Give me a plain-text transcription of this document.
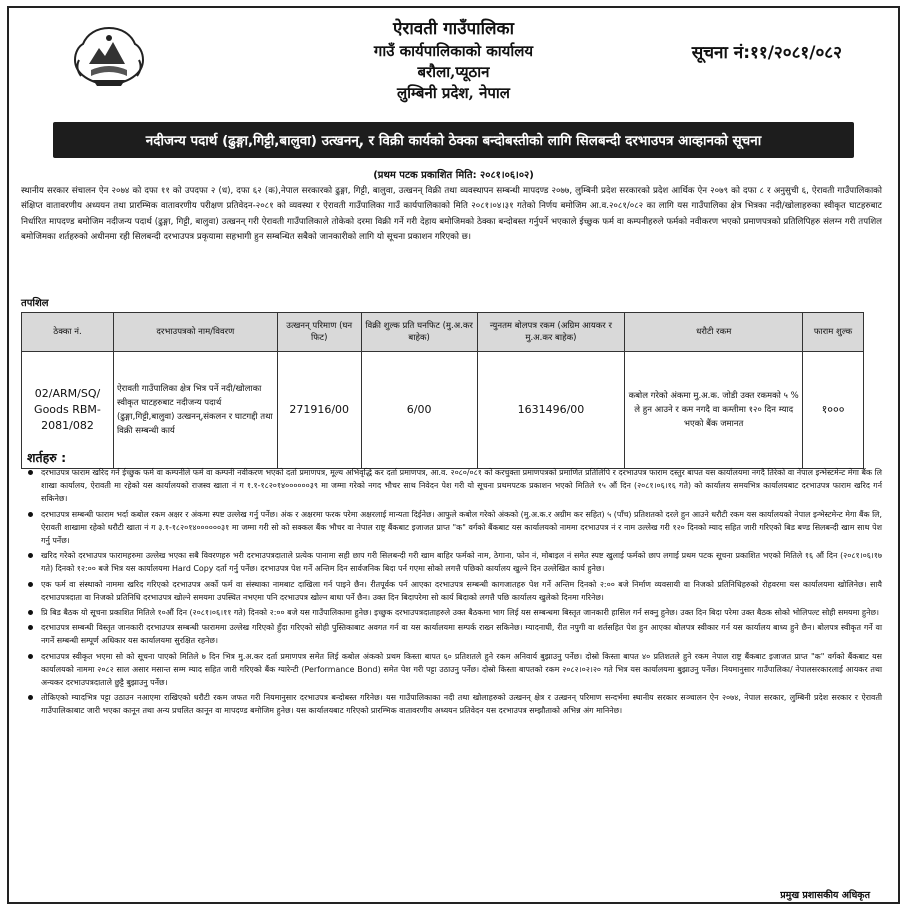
ऐरावती गाउँपालिका
गाउँ कार्यपालिकाको कार्यालय
बरौला,प्यूठान
लुम्बिनी प्रदेश, नेपाल
सूचना नं:११/२०८१/०८२
नदीजन्य पदार्थ (ढुङ्गा,गिट्टी,बालुवा) उत्खनन्, र विक्री कार्यको ठेक्का बन्दोबस्तीको लागि सिलबन्दी दरभाउपत्र आव्हानको सूचना
(प्रथम पटक प्रकाशित मिति: २०८१।०६।०२)
स्थानीय सरकार संचालन ऐन २०७४ को दफा ११ को उपदफा २ (ध), दफा ६२ (क),नेपाल सरकारको ढुङ्गा, गिट्टी, बालुवा, उत्खनन् विक्री तथा व्यवस्थापन सम्बन्धी मापदण्ड २०७७, लुम्बिनी प्रदेश सरकारको प्रदेश आर्थिक ऐन २०७९ को दफा ८ र अनुसुची ६, ऐरावती गाउँपालिकाको संक्षिप्त वातावरणीय अध्ययन तथा प्रारम्भिक वातावरणीय परीक्षण प्रतिवेदन-२०८१ को व्यवस्था र ऐरावती गाउँपालिका गाउँ कार्यपालिकाको मिति २०८१।०४।३१ गतेको निर्णय बमोजिम आ.व.२०८१/०८२ का लागि यस गाउँपालिका क्षेत्र भित्रका नदी/खोलाहरुका स्वीकृत घाटहरुबाट निर्धारित मापदण्ड बमोजिम नदीजन्य पदार्थ (ढुङ्गा, गिट्टी, बालुवा) उत्खनन् गरी ऐरावती गाउँपालिकाले तोकेको दरमा विक्री गर्ने गरी देहाय बमोजिमको ठेक्का बन्दोबस्त गर्नुपर्ने भएकाले ईच्छुक फर्म वा कम्पनीहरुले फर्मको नवीकरण भएको प्रमाणपत्रको प्रतिलिपिहरु संलग्न गरी तपशिल बमोजिमका शर्तहरुको अधीनमा रही सिलबन्दी दरभाउपत्र प्रकृयामा सहभागी हुन सम्बन्धित सबैको जानकारीको लागि यो सूचना प्रकाशन गरिएको छ।
तपशिल
ठेक्का नं.	दरभाउपत्रको नाम/विवरण	उत्खनन् परिमाण (घन फिट)	विक्री शुल्क प्रति घनफिट (मु.अ.कर बाहेक)	न्युनतम बोलपत्र रकम (अग्रिम आयकर र मु.अ.कर बाहेक)	धरौटी रकम	फाराम शुल्क
02/ARM/SQ/ Goods RBM- 2081/082	ऐरावती गाउँपालिका क्षेत्र भित्र पर्ने नदी/खोलाका स्वीकृत घाटहरुबाट नदीजन्य पदार्थ (ढुङ्गा,गिट्टी,बालुवा) उत्खनन्,संकलन र घाटगद्दी तथा विक्री सम्बन्धी कार्य	271916/00	6/00	1631496/00	कबोल गरेको अंकमा मु.अ.क. जोडी उक्त रकमको ५ % ले हुन आउने र कम नगदै वा कम्तीमा १२० दिन म्याद भएको बैंक जमानत	१०००
शर्तहरु :
दरभाउपत्र फाराम खरिद गर्न ईच्छुक फर्म वा कम्पनीले फर्म वा कम्पनी नवीकरण भएको दर्ता प्रमाणपत्र, मूल्य अभिवृद्धि कर दर्ता प्रमाणपत्र, आ.व. २०८०/०८१ को करचुक्ता प्रमाणपत्रको प्रमाणित प्रतिलिपि र दरभाउपत्र फाराम दस्तुर बापत यस कार्यालयमा नगदै तिरेको वा नेपाल इन्भेस्टमेन्ट मेगा बैंक लि शाखा कार्यालय, ऐरावती मा रहेको यस कार्यालयको राजस्व खाता नं ग १.१-१८२०१४००००००३९ मा जम्मा गरेको नगद भौचर साथ निवेदन पेश गरी यो सूचना प्रथमपटक प्रकाशन भएको मितिले १५ औं दिन (२०८१।०६।१६ गते) को कार्यालय समयभित्र कार्यालयबाट दरभाउपत्र फाराम खरिद गर्न सकिनेछ।
दरभाउपत्र सम्बन्धी फाराम भर्दा कबोल रकम अक्षर र अंकमा स्पष्ट उल्लेख गर्नु पर्नेछ। अंक र अक्षरमा फरक परेमा अक्षरलाई मान्यता दिईनेछ। आफुले कबोल गरेको अंकको (मु.अ.क.र अग्रीम कर सहित) ५ (पाँच) प्रतिशतको दरले हुन आउने धरौटी रकम यस कार्यालयको नेपाल इन्भेस्टमेन्ट मेगा बैंक लि, ऐरावती शाखामा रहेको धरौटी खाता नं ग ३.१-१८२०१४००००००३१ मा जम्मा गरी सो को सक्कल बैंक भौचर वा नेपाल राष्ट्र बैंकबाट इजाजत प्राप्त "क" वर्गको बैंकबाट यस कार्यालयको नाममा दरभाउपत्र नं र नाम उल्लेख गरी १२० दिनको म्याद सहित जारी गरिएको बिड बण्ड सिलबन्दी खाम साथ पेश गर्नु पर्नेछ।
खरिद गरेको दरभाउपत्र फारामहरुमा उल्लेख भएका सबै विवरणहरु भरी दरभाउपत्रदाताले प्रत्येक पानामा सही छाप गरी सिलबन्दी गरी खाम बाहिर फर्मको नाम, ठेगाना, फोन नं, मोबाइल नं समेत स्पष्ट खुलाई फर्मको छाप लगाई प्रथम पटक सूचना प्रकाशित भएको मितिले १६ औं दिन (२०८१।०६।१७ गते) दिनको १२:०० बजे भित्र यस कार्यालयमा Hard Copy दर्ता गर्नु पर्नेछ। दरभाउपत्र पेश गर्ने अन्तिम दिन सार्वजनिक बिदा पर्न गएमा सोको लगत्तै पछिको कार्यालय खुल्ने दिन उल्लेखित कार्य हुनेछ।
एक फर्म वा संस्थाको नाममा खरिद गरिएको दरभाउपत्र अर्को फर्म वा संस्थाका नामबाट दाखिला गर्न पाइने छैन। रीतपूर्वक पर्न आएका दरभाउपत्र सम्बन्धी कागजातहरु पेश गर्ने अन्तिम दिनको २:०० बजे निर्माण व्यवसायी वा निजको प्रतिनिधिहरुको रोहवरमा यस कार्यालयमा खोलिनेछ। सायै दरभाउपत्रदाता वा निजको प्रतिनिधि दरभाउपत्र खोल्ने समयमा उपस्थित नभएमा पनि दरभाउपत्र खोल्न बाधा पर्ने छैन। उक्त दिन बिदापरेमा सो कार्य बिदाको लगत्तै पछि कार्यालय खुलेको दिनमा गरिनेछ।
प्रि बिड बैठक यो सूचना प्रकाशित मितिले १०औं दिन (२०८१।०६।११ गते) दिनको २:०० बजे यस गाउँपालिकामा हुनेछ। इच्छुक दरभाउपत्रदाताहरुले उक्त बैठकमा भाग लिई यस सम्बन्धमा बिस्तृत जानकारी हासिल गर्न सक्नु हुनेछ। उक्त दिन बिदा परेमा उक्त बैठक सोको भोलिपल्ट सोही समयमा हुनेछ।
दरभाउपत्र सम्बन्धी विस्तृत जानकारी दरभाउपत्र सम्बन्धी फाराममा उल्लेख गरिएको हुँदा गरिएको सोही पुस्तिकाबाट अवगत गर्न वा यस कार्यालयमा सम्पर्क राख्न सकिनेछ। म्यादनाघी, रीत नपुगी वा शर्तसहित पेश हुन आएका बोलपत्र स्वीकार गर्न यस कार्यालय बाध्य हुने छैन। बोलपत्र स्वीकृत गर्ने वा नगर्ने सम्बन्धी सम्पूर्ण अधिकार यस कार्यालयमा सुरक्षित रहनेछ।
दरभाउपत्र स्वीकृत भएमा सो को सूचना पाएको मितिले ७ दिन भित्र मु.अ.कर दर्ता प्रमाणपत्र समेत लिई कबोल अंकको प्रथम किस्ता बापत ६० प्रतिशतले हुने रकम अनिवार्य बुझाउनु पर्नेछ। दोस्रो किस्ता बापत ४० प्रतिशतले हुने रकम नेपाल राष्ट्र बैंकबाट इजाजत प्राप्त "क" वर्गको बैंकबाट यस कार्यालयको नाममा २०८२ साल असार मसान्त सम्म म्याद सहित जारी गरिएको बैंक ग्यारेन्टी (Performance Bond) समेत पेश गरी पट्टा उठाउनु पर्नेछ। दोस्रो किस्ता बापतको रकम २०८२।०२।२० गते भित्र यस कार्यालयमा बुझाउनु पर्नेछ। नियमानुसार गाउँपालिका/ नेपालसरकारलाई आयकर तथा अन्यकर दरभाउपत्रदाताले छुट्टै बुझाउनु पर्नेछ।
तोकिएको म्यादभित्र पट्टा उठाउन नआएमा राखिएको धरौटी रकम जफत गरी नियमानुसार दरभाउपत्र बन्दोबस्त गरिनेछ। यस गाउँपालिकाका नदी तथा खोलाहरुको उत्खनन् क्षेत्र र उत्खनन् परिमाण सन्दर्भमा स्थानीय सरकार सञ्चालन ऐन २०७४, नेपाल सरकार, लुम्बिनी प्रदेश सरकार र ऐरावती गाउँपालिकाबाट जारी भएका कानून तथा अन्य प्रचलित कानून वा मापदण्ड बमोजिम हुनेछ। यस कार्यालयबाट गरिएको प्रारम्भिक वातावरणीय अध्ययन प्रतिवेदन यस दरभाउपत्र सम्झौताको अभिन्न अंग मानिनेछ।
प्रमुख प्रशासकीय अधिकृत
